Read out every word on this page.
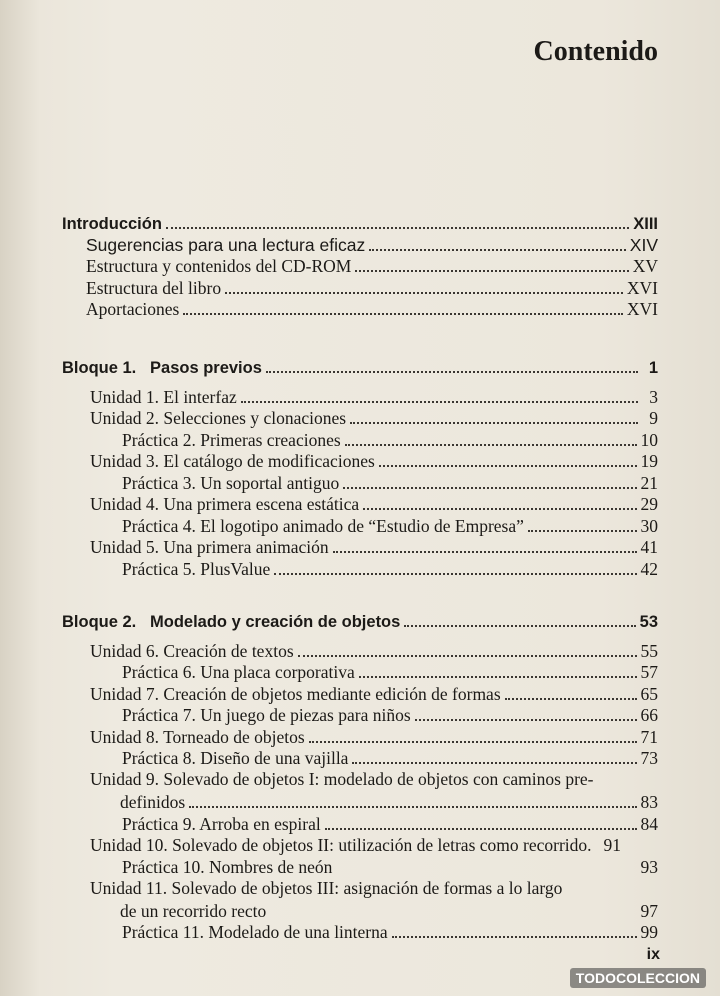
Contenido
Introducción	XIII
Sugerencias para una lectura eficaz	XIV
Estructura y contenidos del CD-ROM	XV
Estructura del libro	XVI
Aportaciones	XVI
Bloque 1.   Pasos previos	1
Unidad 1. El interfaz	3
Unidad 2. Selecciones y clonaciones	9
Práctica 2. Primeras creaciones	10
Unidad 3. El catálogo de modificaciones	19
Práctica 3. Un soportal antiguo	21
Unidad 4. Una primera escena estática	29
Práctica 4. El logotipo animado de “Estudio de Empresa”	30
Unidad 5. Una primera animación	41
Práctica 5. PlusValue	42
Bloque 2.   Modelado y creación de objetos	53
Unidad 6. Creación de textos	55
Práctica 6. Una placa corporativa	57
Unidad 7. Creación de objetos mediante edición de formas	65
Práctica 7. Un juego de piezas para niños	66
Unidad 8. Torneado de objetos	71
Práctica 8. Diseño de una vajilla	73
Unidad 9. Solevado de objetos I: modelado de objetos con caminos pre-
definidos	83
Práctica 9. Arroba en espiral	84
Unidad 10. Solevado de objetos II: utilización de letras como recorrido. 91
Práctica 10. Nombres de neón	93
Unidad 11. Solevado de objetos III: asignación de formas a lo largo
de un recorrido recto	97
Práctica 11. Modelado de una linterna	99
ix
TODOCOLECCION
